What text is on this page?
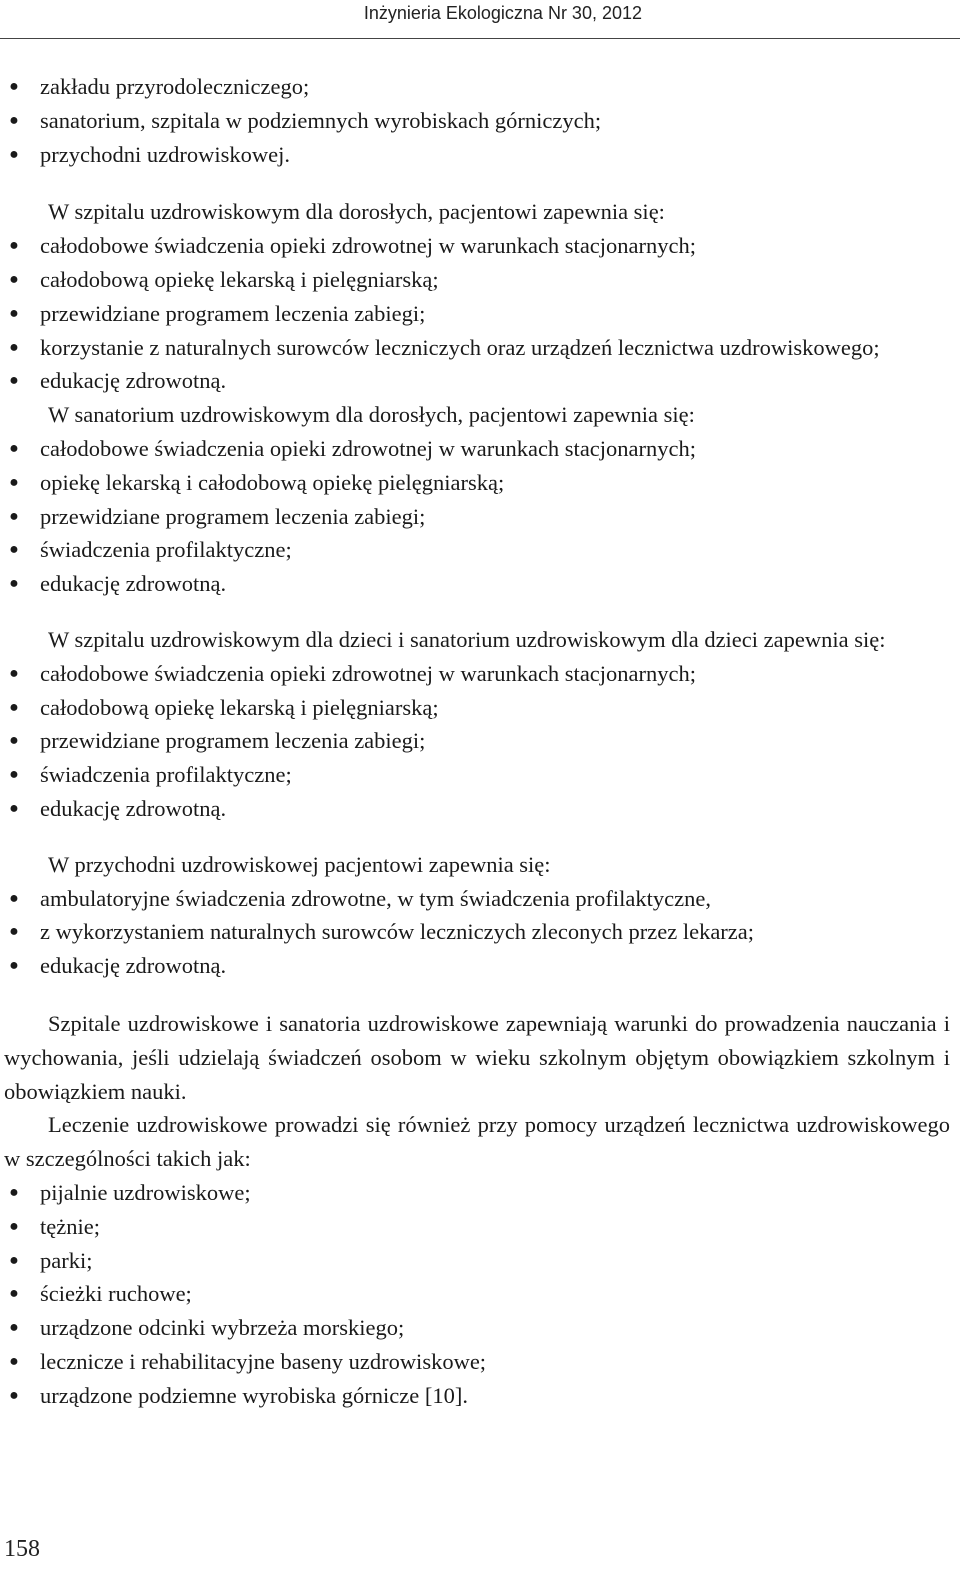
Inżynieria Ekologiczna Nr 30, 2012
● zakładu przyrodoleczniczego;
● sanatorium, szpitala w podziemnych wyrobiskach górniczych;
● przychodni uzdrowiskowej.

W szpitalu uzdrowiskowym dla dorosłych, pacjentowi zapewnia się:

● całodobowe świadczenia opieki zdrowotnej w warunkach stacjonarnych;
● całodobową opiekę lekarską i pielęgniarską;
● przewidziane programem leczenia zabiegi;
● korzystanie z naturalnych surowców leczniczych oraz urządzeń lecznictwa uzdrowiskowego;
● edukację zdrowotną.

W sanatorium uzdrowiskowym dla dorosłych, pacjentowi zapewnia się:

● całodobowe świadczenia opieki zdrowotnej w warunkach stacjonarnych;
● opiekę lekarską i całodobową opiekę pielęgniarską;
● przewidziane programem leczenia zabiegi;
● świadczenia profilaktyczne;
● edukację zdrowotną.

W szpitalu uzdrowiskowym dla dzieci i sanatorium uzdrowiskowym dla dzieci zapewnia się:

● całodobowe świadczenia opieki zdrowotnej w warunkach stacjonarnych;
● całodobową opiekę lekarską i pielęgniarską;
● przewidziane programem leczenia zabiegi;
● świadczenia profilaktyczne;
● edukację zdrowotną.

W przychodni uzdrowiskowej pacjentowi zapewnia się:

● ambulatoryjne świadczenia zdrowotne, w tym świadczenia profilaktyczne,
● z wykorzystaniem naturalnych surowców leczniczych zleconych przez lekarza;
● edukację zdrowotną.

Szpitale uzdrowiskowe i sanatoria uzdrowiskowe zapewniają warunki do prowadzenia nauczania i wychowania, jeśli udzielają świadczeń osobom w wieku szkolnym objętym obowiązkiem szkolnym i obowiązkiem nauki.

Leczenie uzdrowiskowe prowadzi się również przy pomocy urządzeń lecznictwa uzdrowiskowego w szczególności takich jak:

● pijalnie uzdrowiskowe;
● tężnie;
● parki;
● ścieżki ruchowe;
● urządzone odcinki wybrzeża morskiego;
● lecznicze i rehabilitacyjne baseny uzdrowiskowe;
● urządzone podziemne wyrobiska górnicze [10].
158
